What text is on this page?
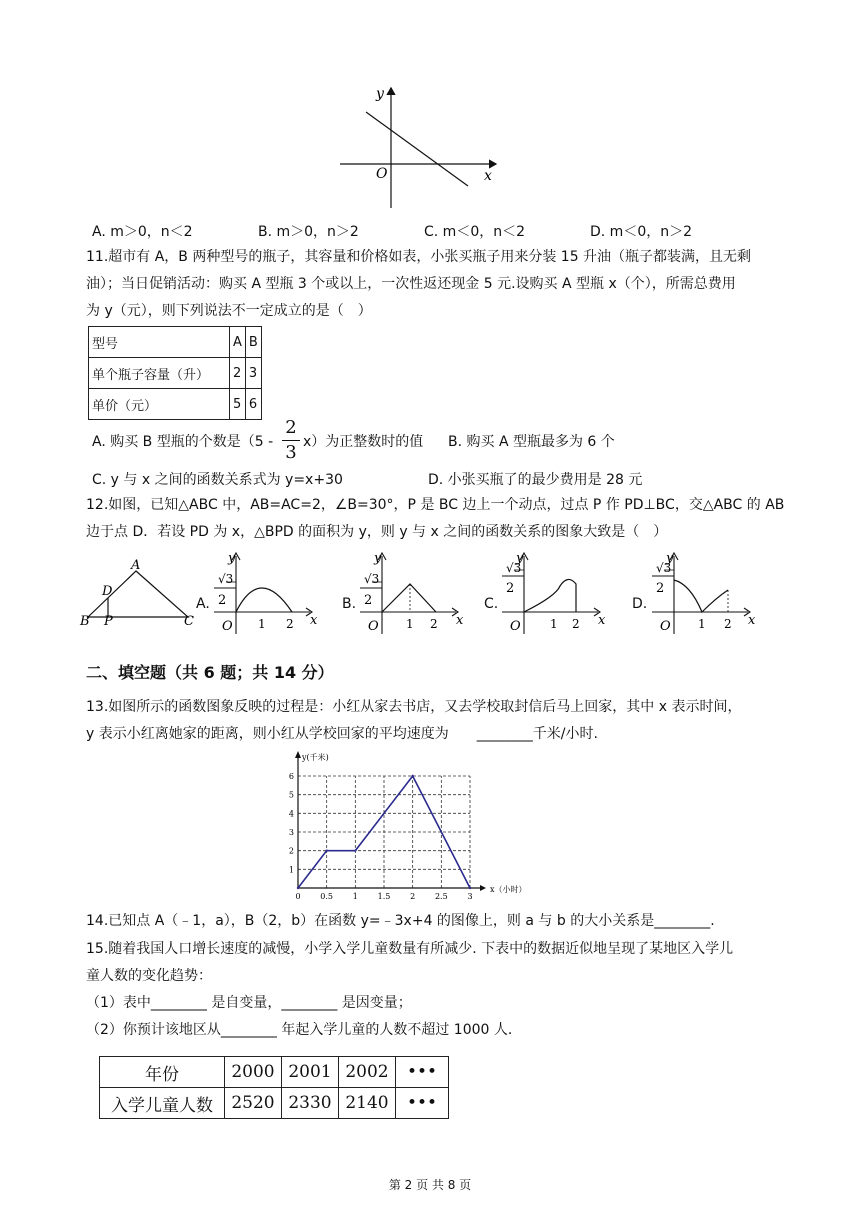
y
x
O
A. m＞0，n＜2	B. m＞0，n＞2	C. m＜0，n＜2	D. m＜0，n＞2
11.超市有 A，B 两种型号的瓶子，其容量和价格如表，小张买瓶子用来分装 15 升油（瓶子都装满，且无剩
油）；当日促销活动：购买 A 型瓶 3 个或以上，一次性返还现金 5 元.设购买 A 型瓶 x（个），所需总费用
为 y（元），则下列说法不一定成立的是（　）
型号	A	B
单个瓶子容量（升）	2	3
单价（元）	5	6
A. 购买 B 型瓶的个数是（5 -
2
3 x）为正整数时的值 B. 购买 A 型瓶最多为 6 个
C. y 与 x 之间的函数关系式为 y=x+30	D. 小张买瓶了的最少费用是 28 元
12.如图，已知△ABC 中，AB=AC=2，∠B=30°，P 是 BC 边上一个动点，过点 P 作 PD⊥BC，交△ABC 的 AB
边于点 D．若设 PD 为 x，△BPD 的面积为 y，则 y 与 x 之间的函数关系的图象大致是（　）
A
B	C
D
P
A.
y
x
√3
2
O 1 2
B.
y
x
√3
2
O 1 2
C.
y
x
√3
2
O 1 2
D.
y
x
√3
2
O 1 2
二、填空题（共 6 题；共 14 分）
13.如图所示的函数图象反映的过程是：小红从家去书店，又去学校取封信后马上回家，其中 x 表示时间，
y 表示小红离她家的距离，则小红从学校回家的平均速度为　　________千米/小时.
0 0.5 1 1.5 2 2.5 3
1
2
3
4
5
6
y(千米)
x（小时）
14.已知点 A（﹣1，a），B（2，b）在函数 y=﹣3x+4 的图像上，则 a 与 b 的大小关系是________.
15.随着我国人口增长速度的减慢，小学入学儿童数量有所减少. 下表中的数据近似地呈现了某地区入学儿
童人数的变化趋势：
（1）表中________ 是自变量，________ 是因变量；
（2）你预计该地区从________ 年起入学儿童的人数不超过 1000 人.
年份	2000	2001	2002	•••
入学儿童人数	2520	2330	2140	•••
第 2 页 共 8 页
